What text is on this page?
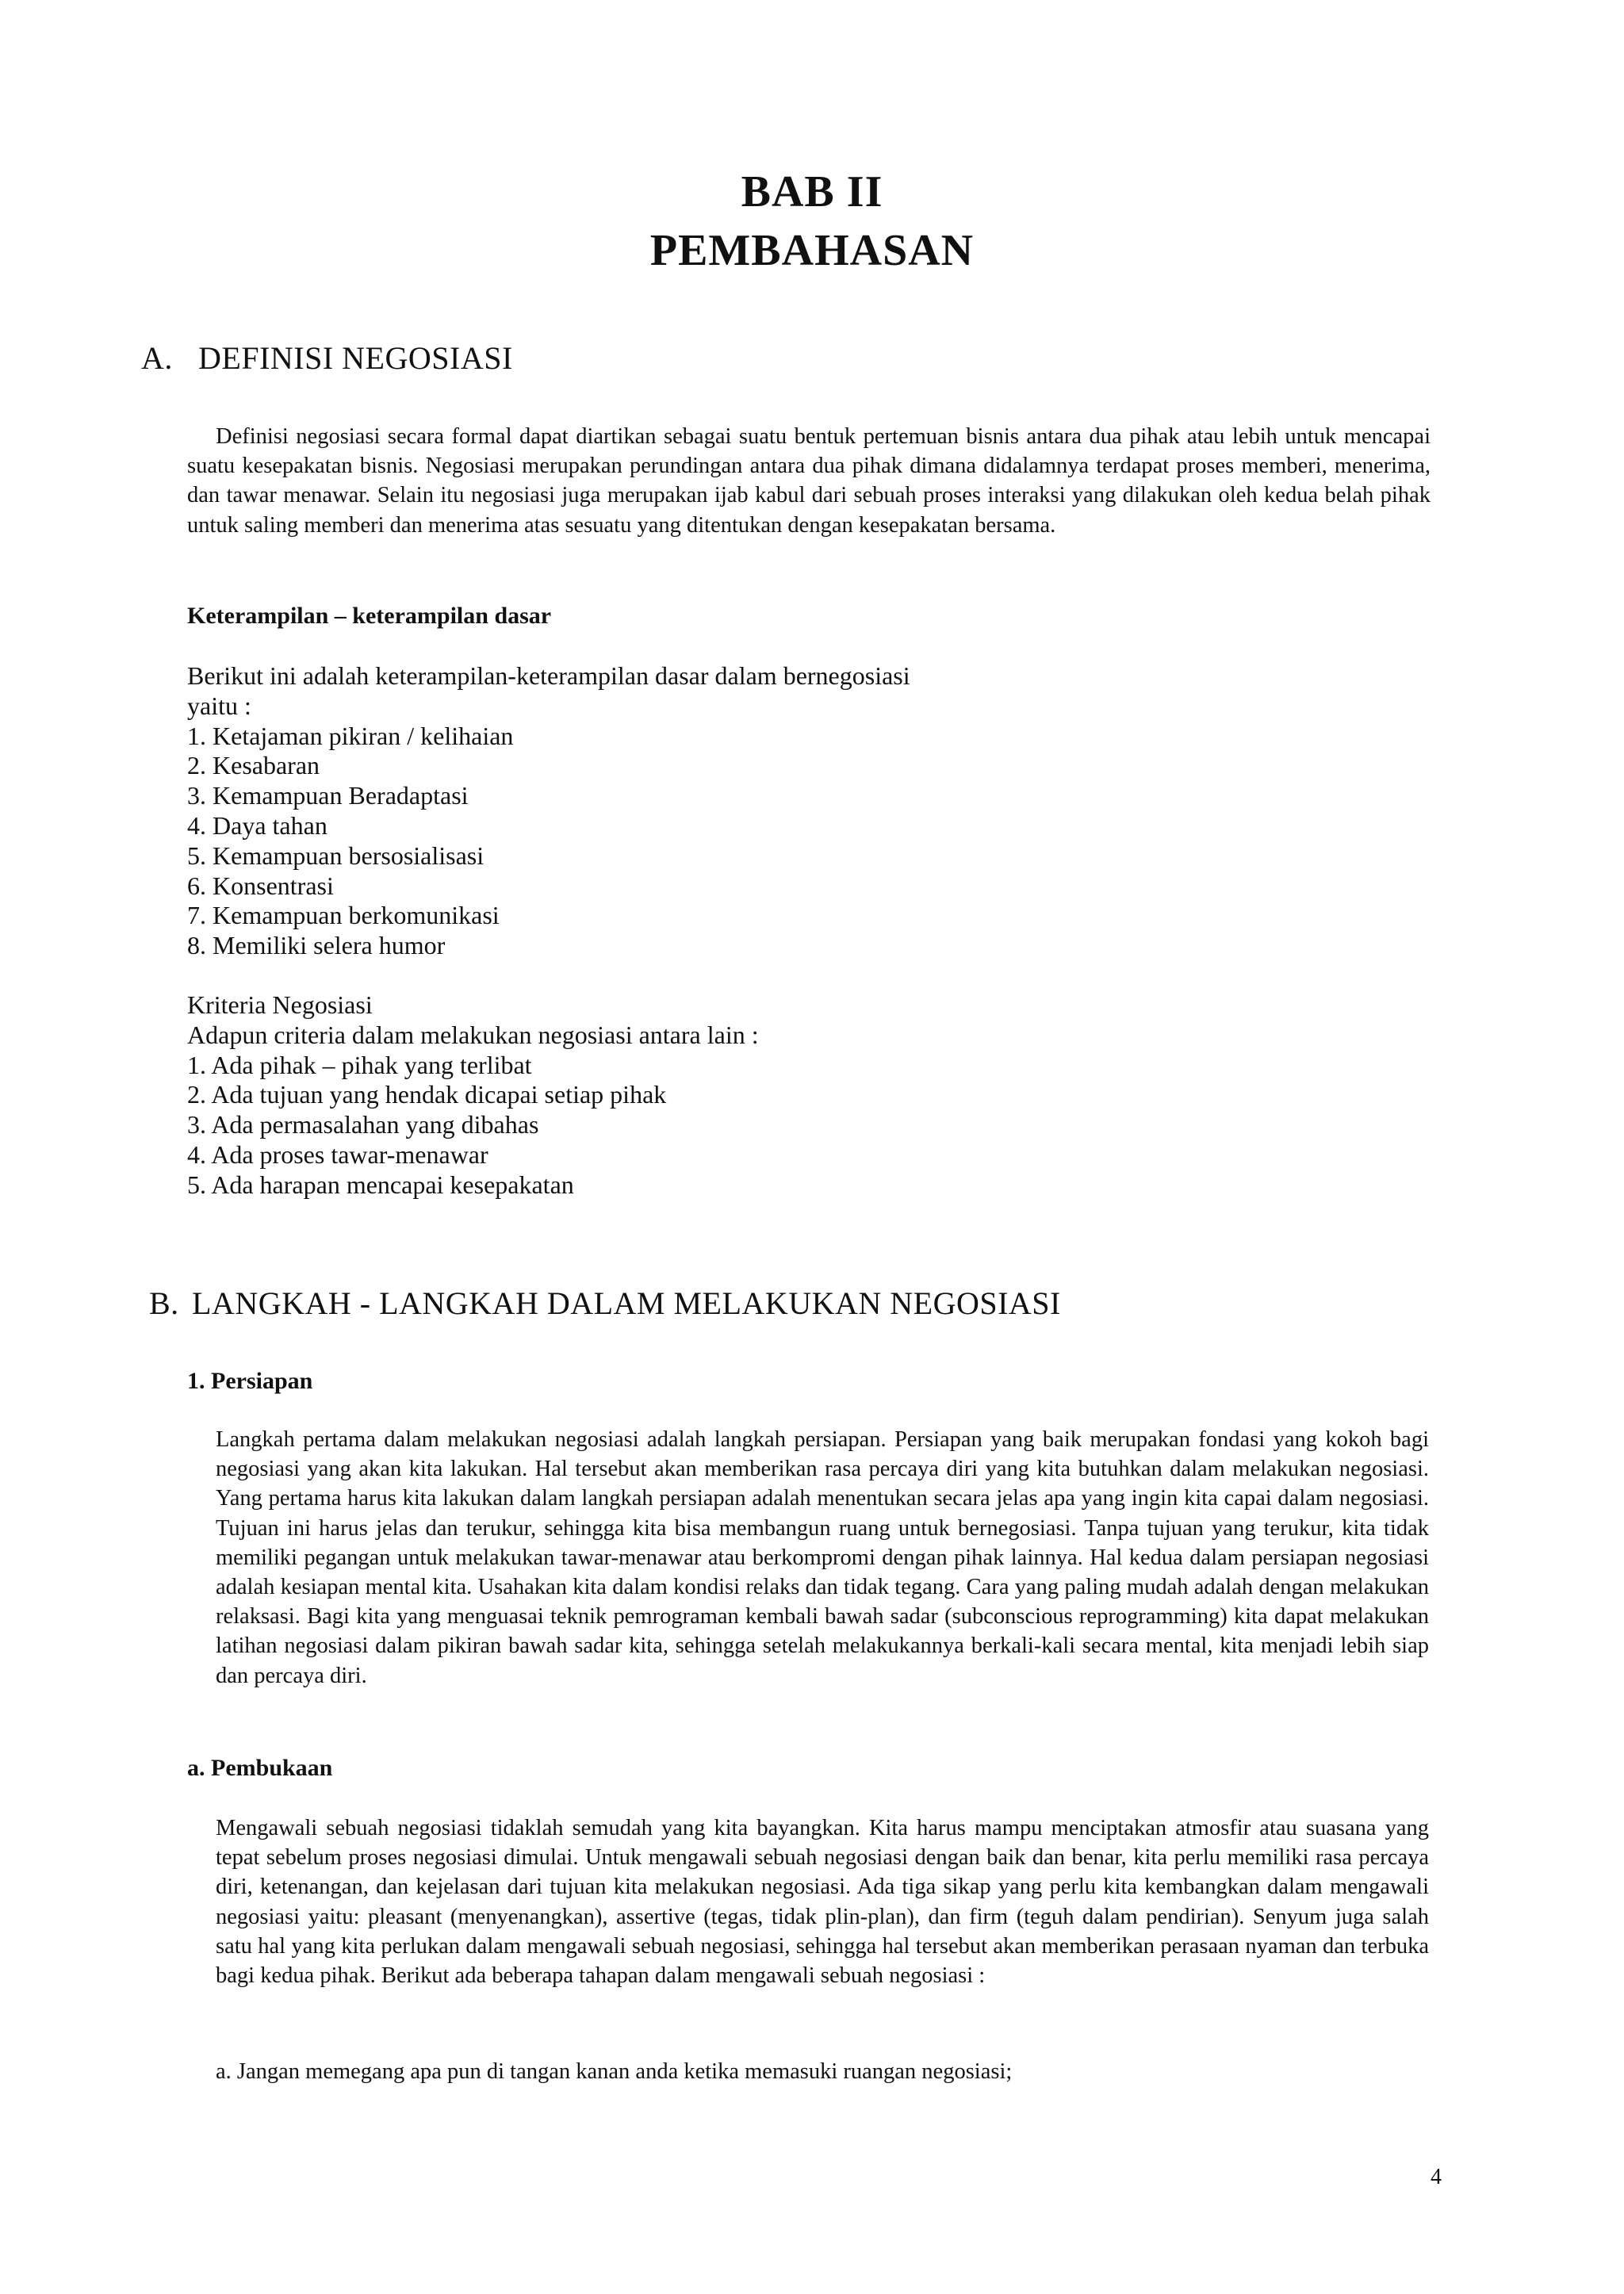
BAB II
PEMBAHASAN
A. DEFINISI NEGOSIASI

Definisi negosiasi secara formal dapat diartikan sebagai suatu bentuk pertemuan bisnis antara dua pihak atau lebih untuk mencapai suatu kesepakatan bisnis. Negosiasi merupakan perundingan antara dua pihak dimana didalamnya terdapat proses memberi, menerima, dan tawar menawar. Selain itu negosiasi juga merupakan ijab kabul dari sebuah proses interaksi yang dilakukan oleh kedua belah pihak untuk saling memberi dan menerima atas sesuatu yang ditentukan dengan kesepakatan bersama.

Keterampilan – keterampilan dasar
Berikut ini adalah keterampilan-keterampilan dasar dalam bernegosiasi
yaitu :
1. Ketajaman pikiran / kelihaian
2. Kesabaran
3. Kemampuan Beradaptasi
4. Daya tahan
5. Kemampuan bersosialisasi
6. Konsentrasi
7. Kemampuan berkomunikasi
8. Memiliki selera humor
Kriteria Negosiasi
Adapun criteria dalam melakukan negosiasi antara lain :
1. Ada pihak – pihak yang terlibat
2. Ada tujuan yang hendak dicapai setiap pihak
3. Ada permasalahan yang dibahas
4. Ada proses tawar-menawar
5. Ada harapan mencapai kesepakatan
B. LANGKAH - LANGKAH DALAM MELAKUKAN NEGOSIASI
1. Persiapan

Langkah pertama dalam melakukan negosiasi adalah langkah persiapan. Persiapan yang baik merupakan fondasi yang kokoh bagi negosiasi yang akan kita lakukan. Hal tersebut akan memberikan rasa percaya diri yang kita butuhkan dalam melakukan negosiasi. Yang pertama harus kita lakukan dalam langkah persiapan adalah menentukan secara jelas apa yang ingin kita capai dalam negosiasi. Tujuan ini harus jelas dan terukur, sehingga kita bisa membangun ruang untuk bernegosiasi. Tanpa tujuan yang terukur, kita tidak memiliki pegangan untuk melakukan tawar-menawar atau berkompromi dengan pihak lainnya. Hal kedua dalam persiapan negosiasi adalah kesiapan mental kita. Usahakan kita dalam kondisi relaks dan tidak tegang. Cara yang paling mudah adalah dengan melakukan relaksasi. Bagi kita yang menguasai teknik pemrograman kembali bawah sadar (subconscious reprogramming) kita dapat melakukan latihan negosiasi dalam pikiran bawah sadar kita, sehingga setelah melakukannya berkali-kali secara mental, kita menjadi lebih siap dan percaya diri.

a. Pembukaan

Mengawali sebuah negosiasi tidaklah semudah yang kita bayangkan. Kita harus mampu menciptakan atmosfir atau suasana yang tepat sebelum proses negosiasi dimulai. Untuk mengawali sebuah negosiasi dengan baik dan benar, kita perlu memiliki rasa percaya diri, ketenangan, dan kejelasan dari tujuan kita melakukan negosiasi. Ada tiga sikap yang perlu kita kembangkan dalam mengawali negosiasi yaitu: pleasant (menyenangkan), assertive (tegas, tidak plin-plan), dan firm (teguh dalam pendirian). Senyum juga salah satu hal yang kita perlukan dalam mengawali sebuah negosiasi, sehingga hal tersebut akan memberikan perasaan nyaman dan terbuka bagi kedua pihak. Berikut ada beberapa tahapan dalam mengawali sebuah negosiasi :

a. Jangan memegang apa pun di tangan kanan anda ketika memasuki ruangan negosiasi;

4
